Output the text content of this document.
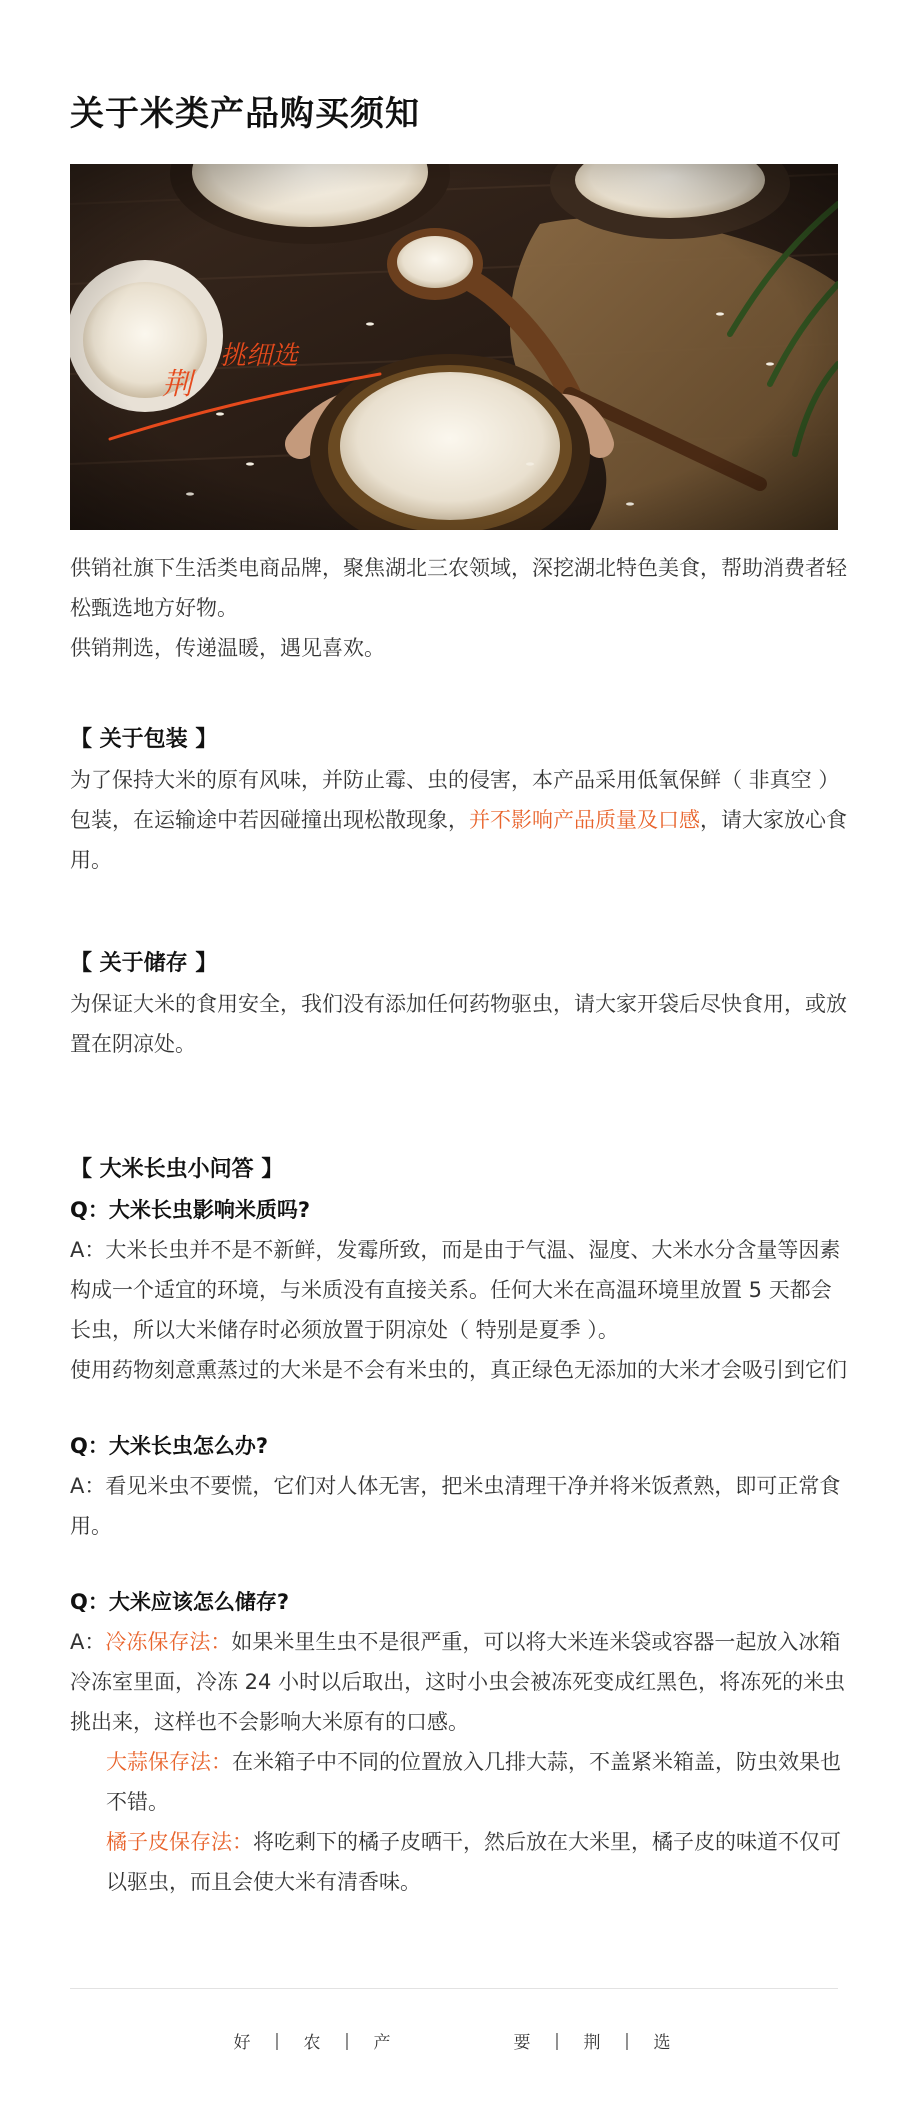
关于米类产品购买须知
荆
挑细选

供销社旗下生活类电商品牌，聚焦湖北三农领域，深挖湖北特色美食，帮助消费者轻松甄选地方好物。

供销荆选，传递温暖，遇见喜欢。

【 关于包装 】

为了保持大米的原有风味，并防止霉、虫的侵害，本产品采用低氧保鲜（ 非真空 ）包装，在运输途中若因碰撞出现松散现象，并不影响产品质量及口感，请大家放心食用。

【 关于储存 】

为保证大米的食用安全，我们没有添加任何药物驱虫，请大家开袋后尽快食用，或放置在阴凉处。

【 大米长虫小问答 】

Q：大米长虫影响米质吗?

A：大米长虫并不是不新鲜，发霉所致，而是由于气温、湿度、大米水分含量等因素构成一个适宜的环境，与米质没有直接关系。任何大米在高温环境里放置 5 天都会长虫，所以大米储存时必须放置于阴凉处（ 特别是夏季 ）。

使用药物刻意熏蒸过的大米是不会有米虫的，真正绿色无添加的大米才会吸引到它们

Q：大米长虫怎么办?

A：看见米虫不要慌，它们对人体无害，把米虫清理干净并将米饭煮熟，即可正常食用。

Q：大米应该怎么储存?

A：冷冻保存法：如果米里生虫不是很严重，可以将大米连米袋或容器一起放入冰箱冷冻室里面，冷冻 24 小时以后取出，这时小虫会被冻死变成红黑色，将冻死的米虫挑出来，这样也不会影响大米原有的口感。

大蒜保存法：在米箱子中不同的位置放入几排大蒜，不盖紧米箱盖，防虫效果也不错。

橘子皮保存法：将吃剩下的橘子皮晒干，然后放在大米里，橘子皮的味道不仅可以驱虫，而且会使大米有清香味。

好	|	农	|	产	要	|	荆	|	选
